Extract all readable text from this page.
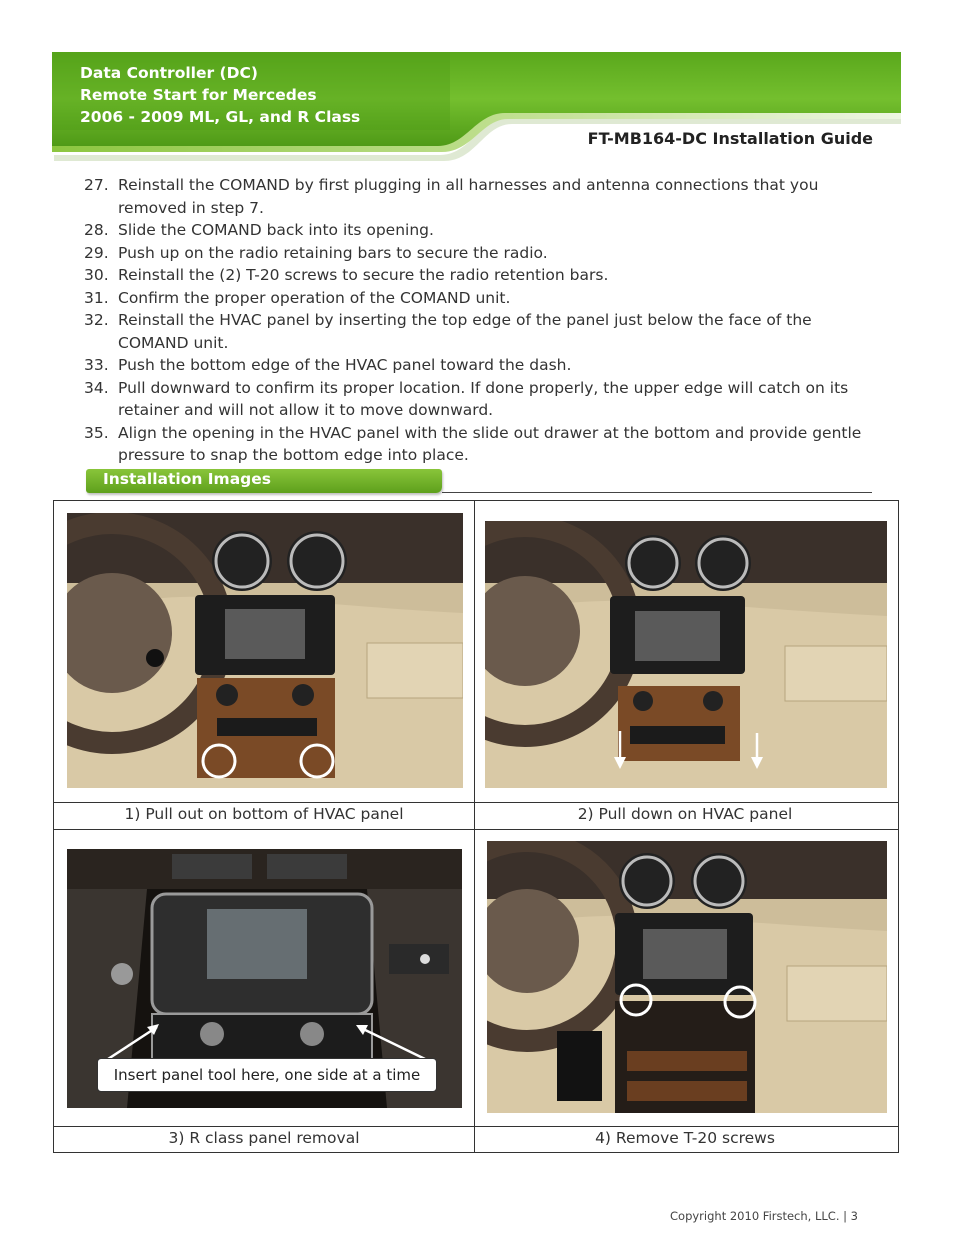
Data Controller (DC)
Remote Start for Mercedes
2006 - 2009 ML, GL, and R Class
FT-MB164-DC Installation Guide
27. Reinstall the COMAND by first plugging in all harnesses and antenna connections that you removed in step 7.
28. Slide the COMAND back into its opening.
29. Push up on the radio retaining bars to secure the radio.
30. Reinstall the (2) T-20 screws to secure the radio retention bars.
31. Confirm the proper operation of the COMAND unit.
32. Reinstall the HVAC panel by inserting the top edge of the panel just below the face of the COMAND unit.
33. Push the bottom edge of the HVAC panel toward the dash.
34. Pull downward to confirm its proper location. If done properly, the upper edge will catch on its retainer and will not allow it to move downward.
35. Align the opening in the HVAC panel with the slide out drawer at the bottom and provide gentle pressure to snap the bottom edge into place.
Installation Images
Insert panel tool here, one side at a time
1) Pull out on bottom of HVAC panel	2) Pull down on HVAC panel
3) R class panel removal	4) Remove T-20 screws
Copyright 2010 Firstech, LLC. | 3
